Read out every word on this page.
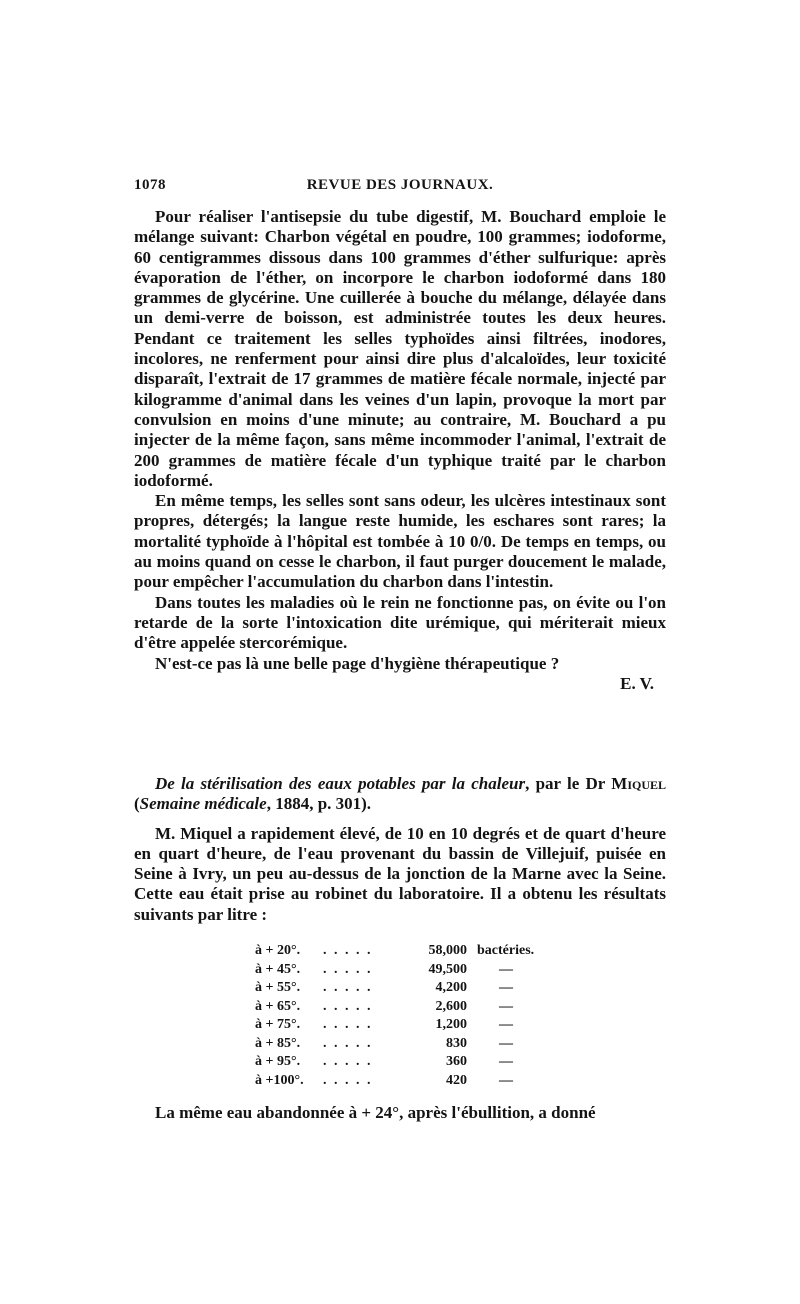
1078	REVUE DES JOURNAUX.

Pour réaliser l'antisepsie du tube digestif, M. Bouchard emploie le mélange suivant: Charbon végétal en poudre, 100 grammes; iodoforme, 60 centigrammes dissous dans 100 grammes d'éther sulfurique: après évaporation de l'éther, on incorpore le charbon iodoformé dans 180 grammes de glycérine. Une cuillerée à bouche du mélange, délayée dans un demi-verre de boisson, est administrée toutes les deux heures. Pendant ce traitement les selles typhoïdes ainsi filtrées, inodores, incolores, ne renferment pour ainsi dire plus d'alcaloïdes, leur toxicité disparaît, l'extrait de 17 grammes de matière fécale normale, injecté par kilogramme d'animal dans les veines d'un lapin, provoque la mort par convulsion en moins d'une minute; au contraire, M. Bouchard a pu injecter de la même façon, sans même incommoder l'animal, l'extrait de 200 grammes de matière fécale d'un typhique traité par le charbon iodoformé.

En même temps, les selles sont sans odeur, les ulcères intestinaux sont propres, détergés; la langue reste humide, les eschares sont rares; la mortalité typhoïde à l'hôpital est tombée à 10 0/0. De temps en temps, ou au moins quand on cesse le charbon, il faut purger doucement le malade, pour empêcher l'accumulation du charbon dans l'intestin.

Dans toutes les maladies où le rein ne fonctionne pas, on évite ou l'on retarde de la sorte l'intoxication dite urémique, qui mériterait mieux d'être appelée stercorémique.

N'est-ce pas là une belle page d'hygiène thérapeutique ?

E. V.

De la stérilisation des eaux potables par la chaleur, par le Dr Miquel (Semaine médicale, 1884, p. 301).

M. Miquel a rapidement élevé, de 10 en 10 degrés et de quart d'heure en quart d'heure, de l'eau provenant du bassin de Villejuif, puisée en Seine à Ivry, un peu au-dessus de la jonction de la Marne avec la Seine. Cette eau était prise au robinet du laboratoire. Il a obtenu les résultats suivants par litre :

à + 20°.	. . . . .	58,000	bactéries.
à + 45°.	. . . . .	49,500	—
à + 55°.	. . . . .	4,200	—
à + 65°.	. . . . .	2,600	—
à + 75°.	. . . . .	1,200	—
à + 85°.	. . . . .	830	—
à + 95°.	. . . . .	360	—
à +100°.	. . . . .	420	—

La même eau abandonnée à + 24°, après l'ébullition, a donné
